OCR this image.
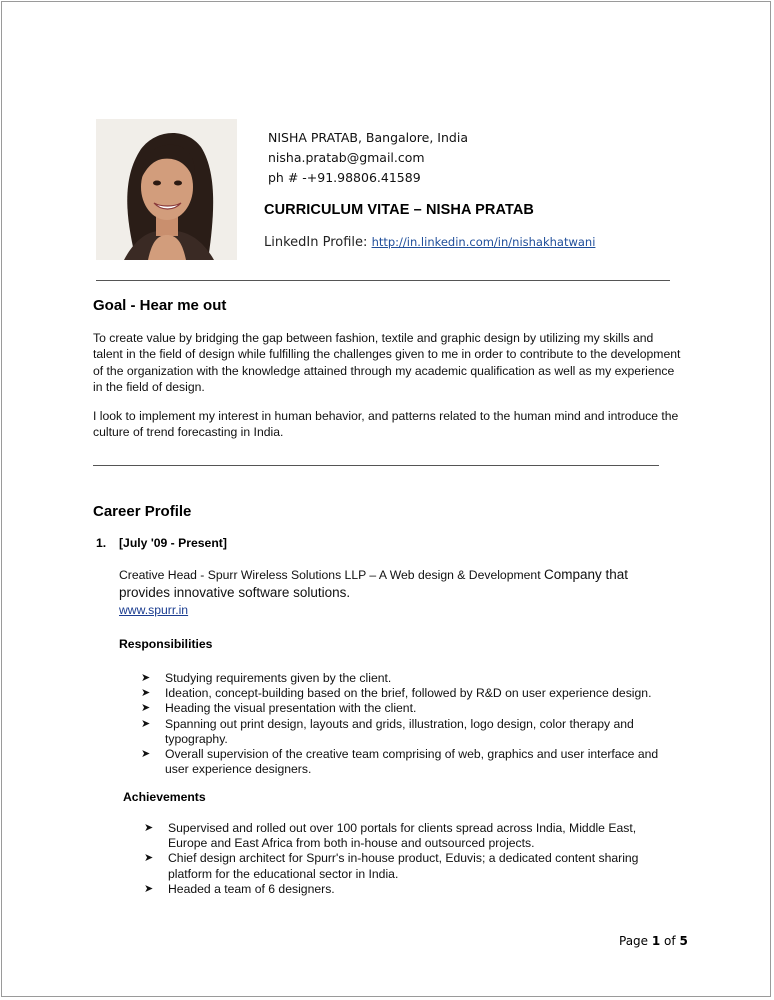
NISHA PRATAB, Bangalore, India
nisha.pratab@gmail.com
ph # -+91.98806.41589
CURRICULUM VITAE – NISHA PRATAB
LinkedIn Profile: http://in.linkedin.com/in/nishakhatwani
Goal - Hear me out
To create value by bridging the gap between fashion, textile and graphic design by utilizing my skills and talent in the field of design while fulfilling the challenges given to me in order to contribute to the development of the organization with the knowledge attained through my academic qualification as well as my experience in the field of design.
I look to implement my interest in human behavior, and patterns related to the human mind and introduce the culture of trend forecasting in India.
Career Profile
1. [July '09 - Present]
Creative Head - Spurr Wireless Solutions LLP – A Web design & Development Company that provides innovative software solutions.
www.spurr.in
Responsibilities
➤ Studying requirements given by the client.
➤ Ideation, concept-building based on the brief, followed by R&D on user experience design.
➤ Heading the visual presentation with the client.
➤ Spanning out print design, layouts and grids, illustration, logo design, color therapy and typography.
➤ Overall supervision of the creative team comprising of web, graphics and user interface and user experience designers.
Achievements
➤ Supervised and rolled out over 100 portals for clients spread across India, Middle East, Europe and East Africa from both in-house and outsourced projects.
➤ Chief design architect for Spurr's in-house product, Eduvis; a dedicated content sharing platform for the educational sector in India.
➤ Headed a team of 6 designers.
Page 1 of 5
